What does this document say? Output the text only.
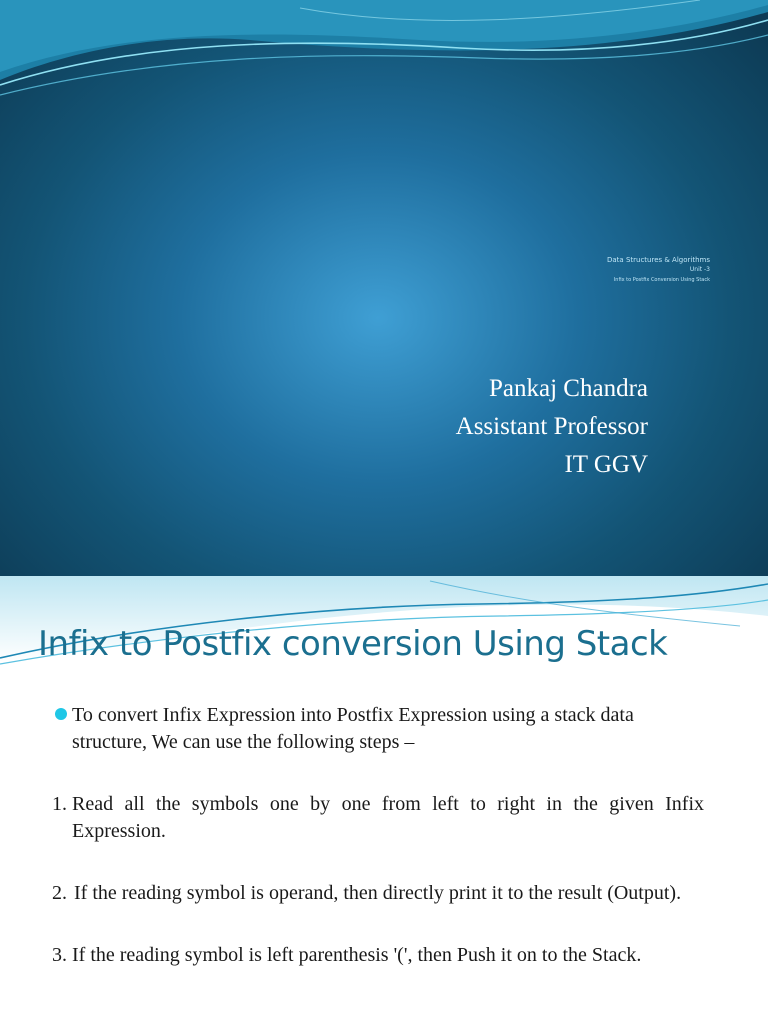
Data Structures & Algorithms
Unit -3
Infix to Postfix Conversion Using Stack
Pankaj Chandra
Assistant Professor
IT GGV
Infix to Postfix conversion Using Stack
To convert Infix Expression into Postfix Expression using a stack data structure, We can use the following steps –
1. Read all the symbols one by one from left to right in the given Infix Expression.
2. If the reading symbol is operand, then directly print it to the result (Output).
3. If the reading symbol is left parenthesis '(', then Push it on to the Stack.
